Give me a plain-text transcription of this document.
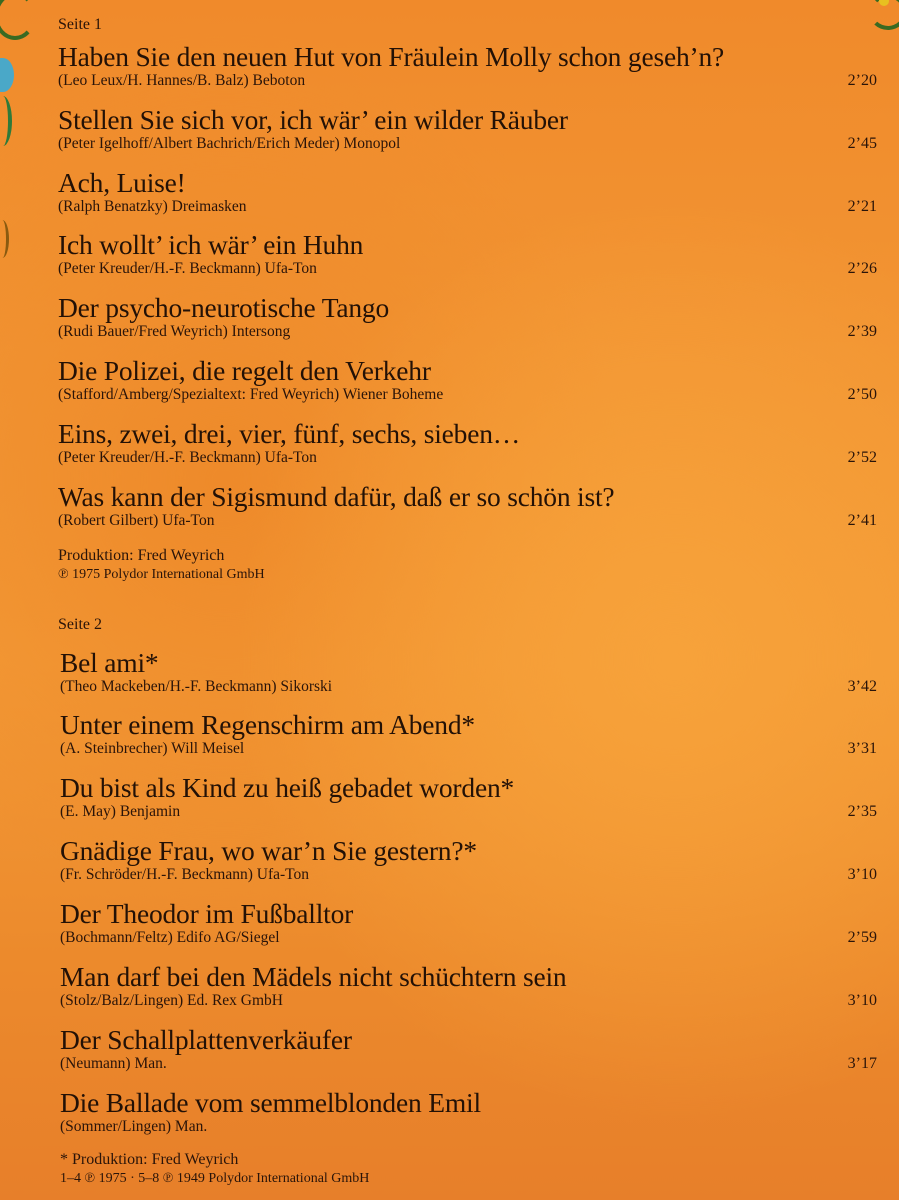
Seite 1
Haben Sie den neuen Hut von Fräulein Molly schon geseh’n?
(Leo Leux/H. Hannes/B. Balz) Beboton	2’20
Stellen Sie sich vor, ich wär’ ein wilder Räuber
(Peter Igelhoff/Albert Bachrich/Erich Meder) Monopol	2’45
Ach, Luise!
(Ralph Benatzky) Dreimasken	2’21
Ich wollt’ ich wär’ ein Huhn
(Peter Kreuder/H.-F. Beckmann) Ufa-Ton	2’26
Der psycho-neurotische Tango
(Rudi Bauer/Fred Weyrich) Intersong	2’39
Die Polizei, die regelt den Verkehr
(Stafford/Amberg/Spezialtext: Fred Weyrich) Wiener Boheme	2’50
Eins, zwei, drei, vier, fünf, sechs, sieben…
(Peter Kreuder/H.-F. Beckmann) Ufa-Ton	2’52
Was kann der Sigismund dafür, daß er so schön ist?
(Robert Gilbert) Ufa-Ton	2’41
Produktion: Fred Weyrich
℗ 1975 Polydor International GmbH
Seite 2
Bel ami*
(Theo Mackeben/H.-F. Beckmann) Sikorski	3’42
Unter einem Regenschirm am Abend*
(A. Steinbrecher) Will Meisel	3’31
Du bist als Kind zu heiß gebadet worden*
(E. May) Benjamin	2’35
Gnädige Frau, wo war’n Sie gestern?*
(Fr. Schröder/H.-F. Beckmann) Ufa-Ton	3’10
Der Theodor im Fußballtor
(Bochmann/Feltz) Edifo AG/Siegel	2’59
Man darf bei den Mädels nicht schüchtern sein
(Stolz/Balz/Lingen) Ed. Rex GmbH	3’10
Der Schallplattenverkäufer
(Neumann) Man.	3’17
Die Ballade vom semmelblonden Emil
(Sommer/Lingen) Man.
* Produktion: Fred Weyrich
1–4 ℗ 1975 · 5–8 ℗ 1949 Polydor International GmbH
